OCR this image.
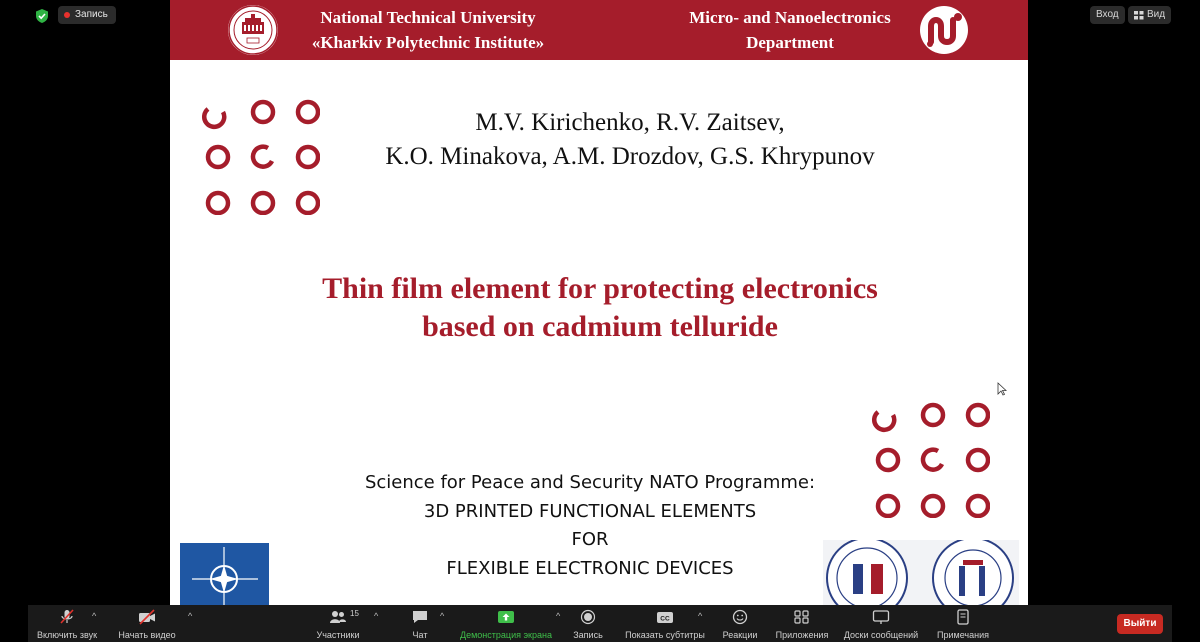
Запись	Вход	Вид
National Technical University
«Kharkiv Polytechnic Institute»
Micro- and Nanoelectronics
Department
M.V. Kirichenko, R.V. Zaitsev,
K.O. Minakova, A.M. Drozdov, G.S. Khrypunov
Thin film element for protecting electronics
based on cadmium telluride
Science for Peace and Security NATO Programme:
3D PRINTED FUNCTIONAL ELEMENTS
FOR
FLEXIBLE ELECTRONIC DEVICES
Включить звук
^
Начать видео
^
Участники
15 ^
Чат
^
Демонстрация экрана
^
Запись
CC
Показать субтитры
^
Реакции	Приложения	Доски сообщений	Примечания
Выйти
